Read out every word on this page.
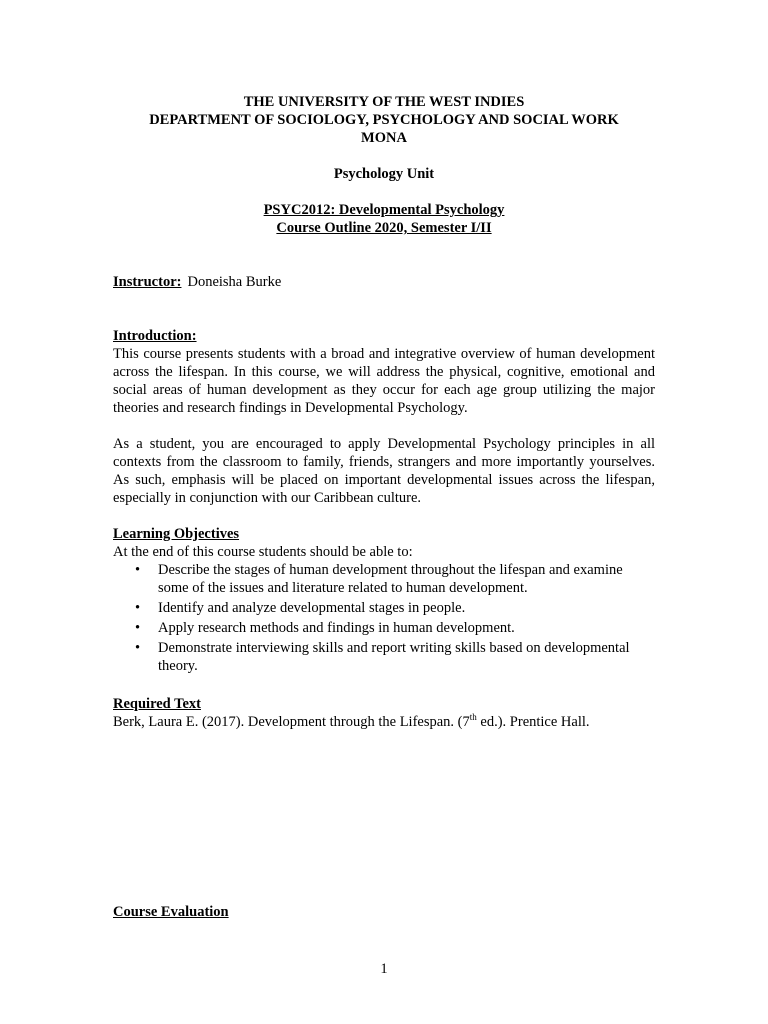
THE UNIVERSITY OF THE WEST INDIES
DEPARTMENT OF SOCIOLOGY, PSYCHOLOGY AND SOCIAL WORK
MONA
Psychology Unit
PSYC2012: Developmental Psychology
Course Outline 2020, Semester I/II
Instructor: Doneisha Burke
Introduction:

This course presents students with a broad and integrative overview of human development across the lifespan. In this course, we will address the physical, cognitive, emotional and social areas of human development as they occur for each age group utilizing the major theories and research findings in Developmental Psychology.

As a student, you are encouraged to apply Developmental Psychology principles in all contexts from the classroom to family, friends, strangers and more importantly yourselves. As such, emphasis will be placed on important developmental issues across the lifespan, especially in conjunction with our Caribbean culture.

Learning Objectives
At the end of this course students should be able to:
• Describe the stages of human development throughout the lifespan and examine some of the issues and literature related to human development.
• Identify and analyze developmental stages in people.
• Apply research methods and findings in human development.
• Demonstrate interviewing skills and report writing skills based on developmental theory.
Required Text
Berk, Laura E. (2017). Development through the Lifespan. (7th ed.). Prentice Hall.
Course Evaluation
1
